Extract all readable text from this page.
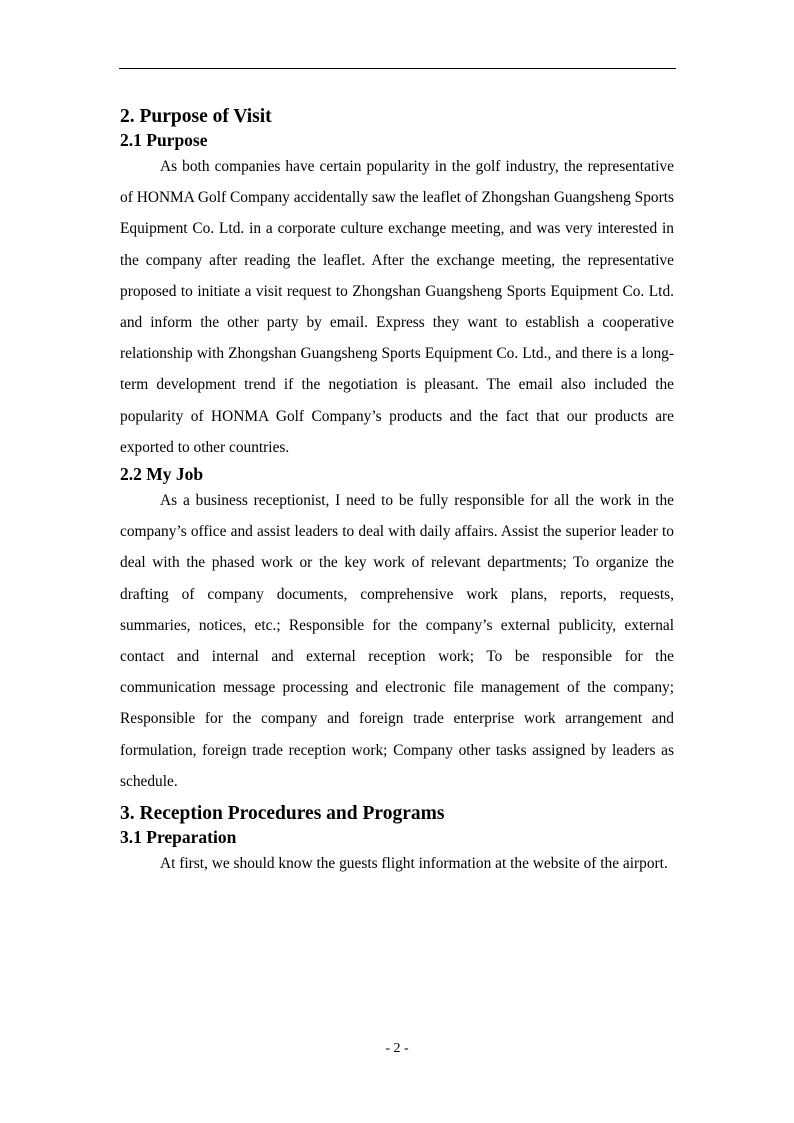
2. Purpose of Visit
2.1 Purpose

As both companies have certain popularity in the golf industry, the representative of HONMA Golf Company accidentally saw the leaflet of Zhongshan Guangsheng Sports Equipment Co. Ltd. in a corporate culture exchange meeting, and was very interested in the company after reading the leaflet. After the exchange meeting, the representative proposed to initiate a visit request to Zhongshan Guangsheng Sports Equipment Co. Ltd. and inform the other party by email. Express they want to establish a cooperative relationship with Zhongshan Guangsheng Sports Equipment Co. Ltd., and there is a long-term development trend if the negotiation is pleasant. The email also included the popularity of HONMA Golf Company’s products and the fact that our products are exported to other countries.

2.2 My Job

As a business receptionist, I need to be fully responsible for all the work in the company’s office and assist leaders to deal with daily affairs. Assist the superior leader to deal with the phased work or the key work of relevant departments; To organize the drafting of company documents, comprehensive work plans, reports, requests, summaries, notices, etc.; Responsible for the company’s external publicity, external contact and internal and external reception work; To be responsible for the communication message processing and electronic file management of the company; Responsible for the company and foreign trade enterprise work arrangement and formulation, foreign trade reception work; Company other tasks assigned by leaders as schedule.

3. Reception Procedures and Programs
3.1 Preparation

At first, we should know the guests flight information at the website of the airport.

- 2 -
